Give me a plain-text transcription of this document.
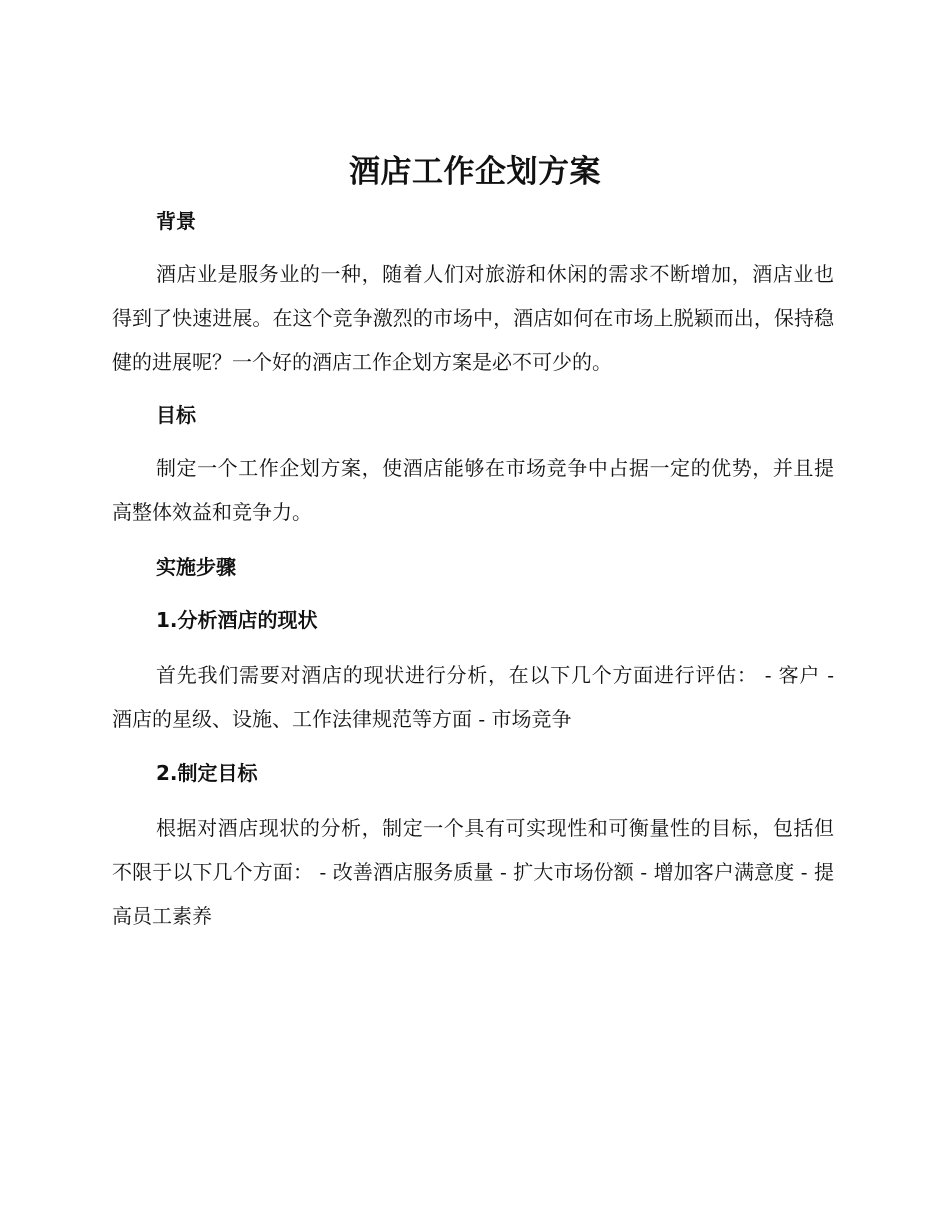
酒店工作企划方案
背景

酒店业是服务业的一种，随着人们对旅游和休闲的需求不断增加，酒店业也得到了快速进展。在这个竞争激烈的市场中，酒店如何在市场上脱颖而出，保持稳健的进展呢？一个好的酒店工作企划方案是必不可少的。

目标

制定一个工作企划方案，使酒店能够在市场竞争中占据一定的优势，并且提高整体效益和竞争力。

实施步骤
1.分析酒店的现状

首先我们需要对酒店的现状进行分析，在以下几个方面进行评估： - 客户 - 酒店的星级、设施、工作法律规范等方面 - 市场竞争

2.制定目标

根据对酒店现状的分析，制定一个具有可实现性和可衡量性的目标，包括但不限于以下几个方面： - 改善酒店服务质量 - 扩大市场份额 - 增加客户满意度 - 提高员工素养
